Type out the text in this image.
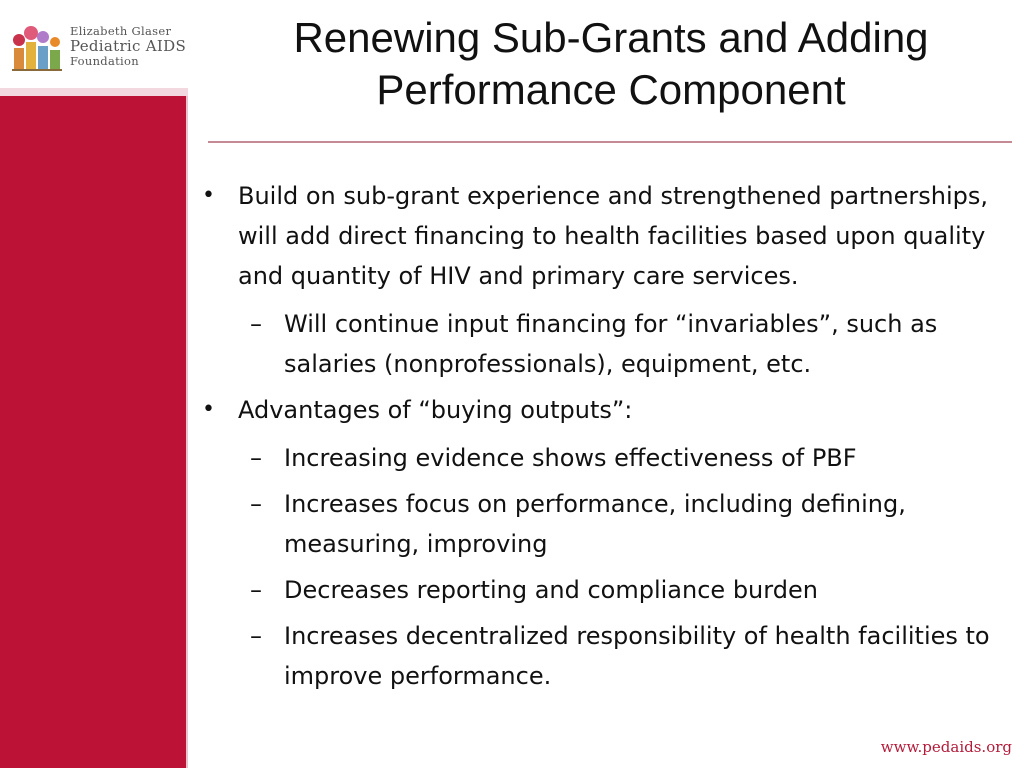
Elizabeth Glaser
Pediatric AIDS
Foundation	Renewing Sub-Grants and Adding
Performance Component
• Build on sub-grant experience and strengthened partnerships, will add direct financing to health facilities based upon quality and quantity of HIV and primary care services.
– Will continue input financing for “invariables”, such as salaries (nonprofessionals), equipment, etc.
• Advantages of “buying outputs”:
– Increasing evidence shows effectiveness of PBF
– Increases focus on performance, including defining, measuring, improving
– Decreases reporting and compliance burden
– Increases decentralized responsibility of health facilities to improve performance.
www.pedaids.org
